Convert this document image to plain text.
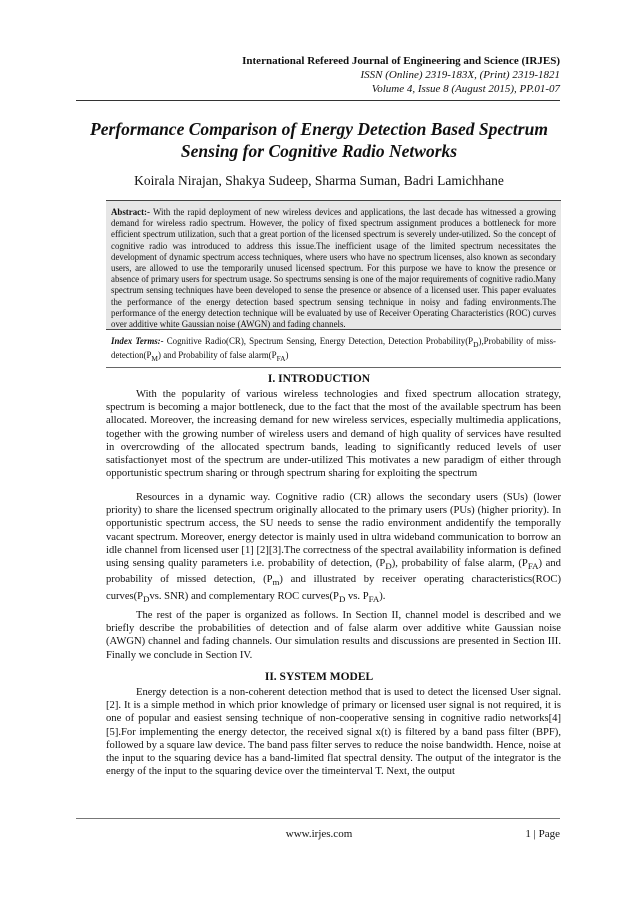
International Refereed Journal of Engineering and Science (IRJES)
ISSN (Online) 2319-183X, (Print) 2319-1821
Volume 4, Issue 8 (August 2015), PP.01-07
Performance Comparison of Energy Detection Based Spectrum
Sensing for Cognitive Radio Networks
Koirala Nirajan, Shakya Sudeep, Sharma Suman, Badri Lamichhane

Abstract:- With the rapid deployment of new wireless devices and applications, the last decade has witnessed a growing demand for wireless radio spectrum. However, the policy of fixed spectrum assignment produces a bottleneck for more efficient spectrum utilization, such that a great portion of the licensed spectrum is severely under-utilized. So the concept of cognitive radio was introduced to address this issue.The inefficient usage of the limited spectrum necessitates the development of dynamic spectrum access techniques, where users who have no spectrum licenses, also known as secondary users, are allowed to use the temporarily unused licensed spectrum. For this purpose we have to know the presence or absence of primary users for spectrum usage. So spectrums sensing is one of the major requirements of cognitive radio.Many spectrum sensing techniques have been developed to sense the presence or absence of a licensed user. This paper evaluates the performance of the energy detection based spectrum sensing technique in noisy and fading environments.The performance of the energy detection technique will be evaluated by use of Receiver Operating Characteristics (ROC) curves over additive white Gaussian noise (AWGN) and fading channels.

Index Terms:- Cognitive Radio(CR), Spectrum Sensing, Energy Detection, Detection $Probability(P_D),Probability$ of miss-$detection(P_M)$ and Probability of false $alarm(P_{FA})$
I. INTRODUCTION

With the popularity of various wireless technologies and fixed spectrum allocation strategy, spectrum is becoming a major bottleneck, due to the fact that the most of the available spectrum has been allocated. Moreover, the increasing demand for new wireless services, especially multimedia applications, together with the growing number of wireless users and demand of high quality of services have resulted in overcrowding of the allocated spectrum bands, leading to significantly reduced levels of user satisfactionyet most of the spectrum are under-utilized This motivates a new paradigm of either through opportunistic spectrum sharing or through spectrum sharing for exploiting the spectrum

Resources in a dynamic way. Cognitive radio (CR) allows the secondary users (SUs) (lower priority) to share the licensed spectrum originally allocated to the primary users (PUs) (higher priority). In opportunistic spectrum access, the SU needs to sense the radio environment andidentify the temporally vacant spectrum. Moreover, energy detector is mainly used in ultra wideband communication to borrow an idle channel from licensed user [1] [2][3].The correctness of the spectral availability information is defined using sensing quality parameters i.e. probability of detection, $(P_D)$, probability of false alarm, $(P_{FA})$ and probability of missed detection, $(P_m)$ and illustrated by receiver operating characteristics(ROC) $curves(P_Dvs$. SNR) and complementary ROC $curves(P_D$ vs. $P_{FA}$).

The rest of the paper is organized as follows. In Section II, channel model is described and we briefly describe the probabilities of detection and of false alarm over additive white Gaussian noise (AWGN) channel and fading channels. Our simulation results and discussions are presented in Section III. Finally we conclude in Section IV.

II. SYSTEM MODEL

Energy detection is a non-coherent detection method that is used to detect the licensed User signal. [2]. It is a simple method in which prior knowledge of primary or licensed user signal is not required, it is one of popular and easiest sensing technique of non-cooperative sensing in cognitive radio networks[4][5].For implementing the energy detector, the received signal x(t) is filtered by a band pass filter (BPF), followed by a square law device. The band pass filter serves to reduce the noise bandwidth. Hence, noise at the input to the squaring device has a band-limited flat spectral density. The output of the integrator is the energy of the input to the squaring device over the timeinterval T. Next, the output

www.irjes.com	1 | Page
